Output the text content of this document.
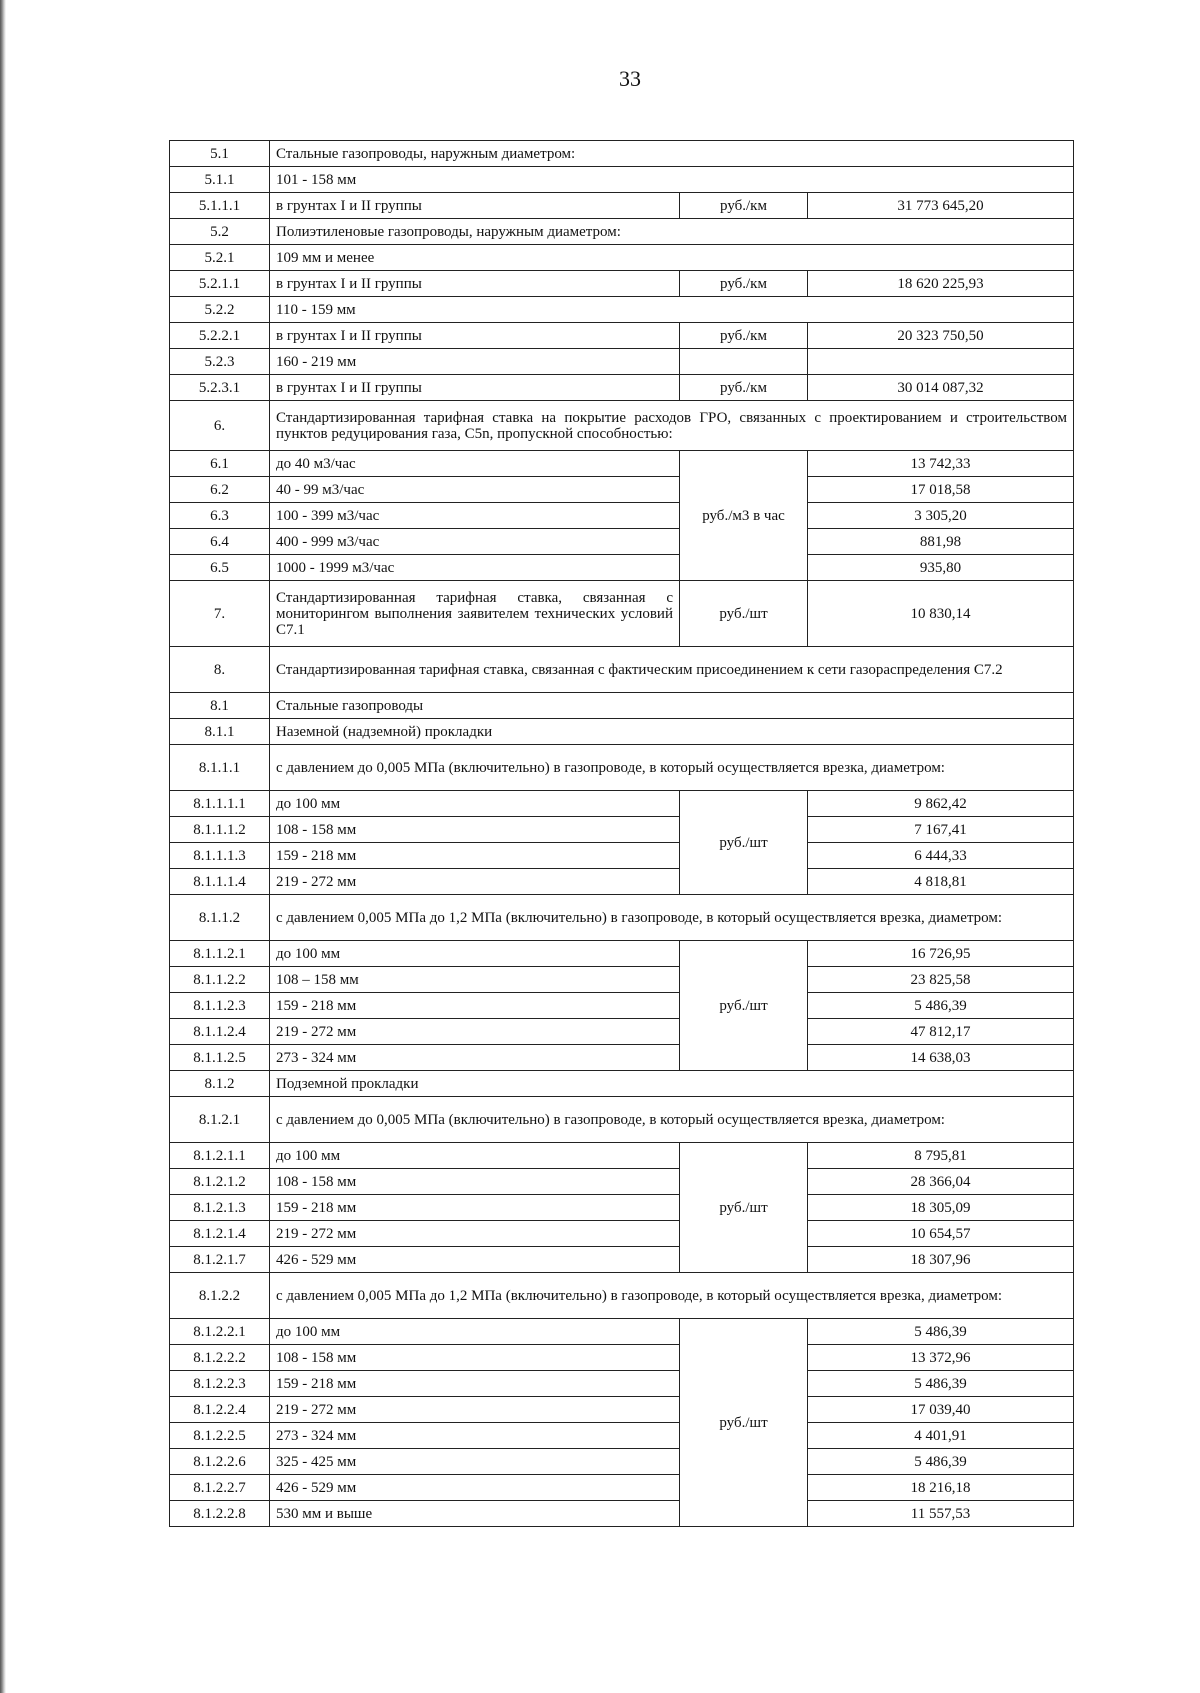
33
5.1	Стальные газопроводы, наружным диаметром:		
5.1.1	101 - 158 мм		
5.1.1.1	в грунтах I и II группы	руб./км	31 773 645,20
5.2	Полиэтиленовые газопроводы, наружным диаметром:		
5.2.1	109 мм и менее		
5.2.1.1	в грунтах I и II группы	руб./км	18 620 225,93
5.2.2	110 - 159 мм		
5.2.2.1	в грунтах I и II группы	руб./км	20 323 750,50
5.2.3	160 - 219 мм		
5.2.3.1	в грунтах I и II группы	руб./км	30 014 087,32
6.	Стандартизированная тарифная ставка на покрытие расходов ГРО, связанных с проектированием и строительством пунктов редуцирования газа, C5n, пропускной способностью:		
6.1	до 40 м3/час	руб./м3 в час	13 742,33
6.2	40 - 99 м3/час		17 018,58
6.3	100 - 399 м3/час		3 305,20
6.4	400 - 999 м3/час		881,98
6.5	1000 - 1999 м3/час		935,80
7.	Стандартизированная тарифная ставка, связанная с мониторингом выполнения заявителем технических условий C7.1	руб./шт	10 830,14
8.	Стандартизированная тарифная ставка, связанная с фактическим присоединением к сети газораспределения C7.2		
8.1	Стальные газопроводы		
8.1.1	Наземной (надземной) прокладки		
8.1.1.1	с давлением до 0,005 МПа (включительно) в газопроводе, в который осуществляется врезка, диаметром:		
8.1.1.1.1	до 100 мм	руб./шт	9 862,42
8.1.1.1.2	108 - 158 мм		7 167,41
8.1.1.1.3	159 - 218 мм		6 444,33
8.1.1.1.4	219 - 272 мм		4 818,81
8.1.1.2	с давлением 0,005 МПа до 1,2 МПа (включительно) в газопроводе, в который осуществляется врезка, диаметром:		
8.1.1.2.1	до 100 мм	руб./шт	16 726,95
8.1.1.2.2	108 – 158 мм		23 825,58
8.1.1.2.3	159 - 218 мм		5 486,39
8.1.1.2.4	219 - 272 мм		47 812,17
8.1.1.2.5	273 - 324 мм		14 638,03
8.1.2	Подземной прокладки		
8.1.2.1	с давлением до 0,005 МПа (включительно) в газопроводе, в который осуществляется врезка, диаметром:		
8.1.2.1.1	до 100 мм	руб./шт	8 795,81
8.1.2.1.2	108 - 158 мм		28 366,04
8.1.2.1.3	159 - 218 мм		18 305,09
8.1.2.1.4	219 - 272 мм		10 654,57
8.1.2.1.7	426 - 529 мм		18 307,96
8.1.2.2	с давлением 0,005 МПа до 1,2 МПа (включительно) в газопроводе, в который осуществляется врезка, диаметром:		
8.1.2.2.1	до 100 мм	руб./шт	5 486,39
8.1.2.2.2	108 - 158 мм		13 372,96
8.1.2.2.3	159 - 218 мм		5 486,39
8.1.2.2.4	219 - 272 мм		17 039,40
8.1.2.2.5	273 - 324 мм		4 401,91
8.1.2.2.6	325 - 425 мм		5 486,39
8.1.2.2.7	426 - 529 мм		18 216,18
8.1.2.2.8	530 мм и выше		11 557,53
